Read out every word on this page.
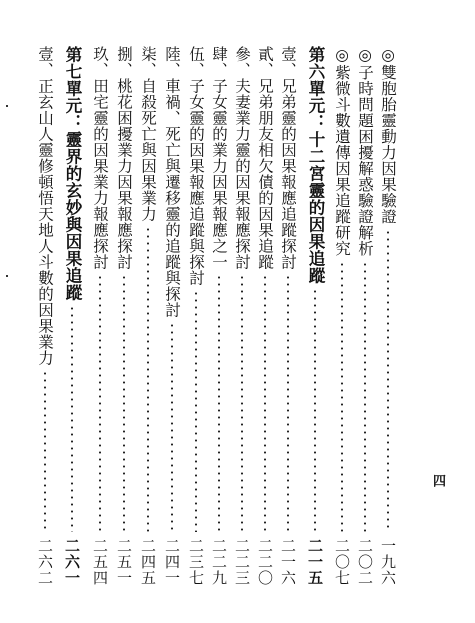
◎雙胞胎靈動力因果驗證
一九六
◎子時問題困擾解惑驗證解析
二〇二
◎紫微斗數遺傳因果追蹤研究
二〇七
第六單元：十二宮靈的因果追蹤
二一五
壹、兄弟靈的因果報應追蹤探討
二一六
貳、兄弟朋友相欠債的因果追蹤
二二〇
參、夫妻業力靈的因果報應探討
二二三
肆、子女靈的業力因果報應之一
二二九
伍、子女靈的因果報應追蹤與探討
二三七
陸、車禍、死亡與遷移靈的追蹤與探討
二四一
柒、自殺死亡與因果業力
二四五
捌、桃花困擾業力因果報應探討
二五一
玖、田宅靈的因果業力報應探討
二五四
第七單元：靈界的玄妙與因果追蹤
二六一
壹、正玄山人靈修頓悟天地人斗數的因果業力
二六二
四
